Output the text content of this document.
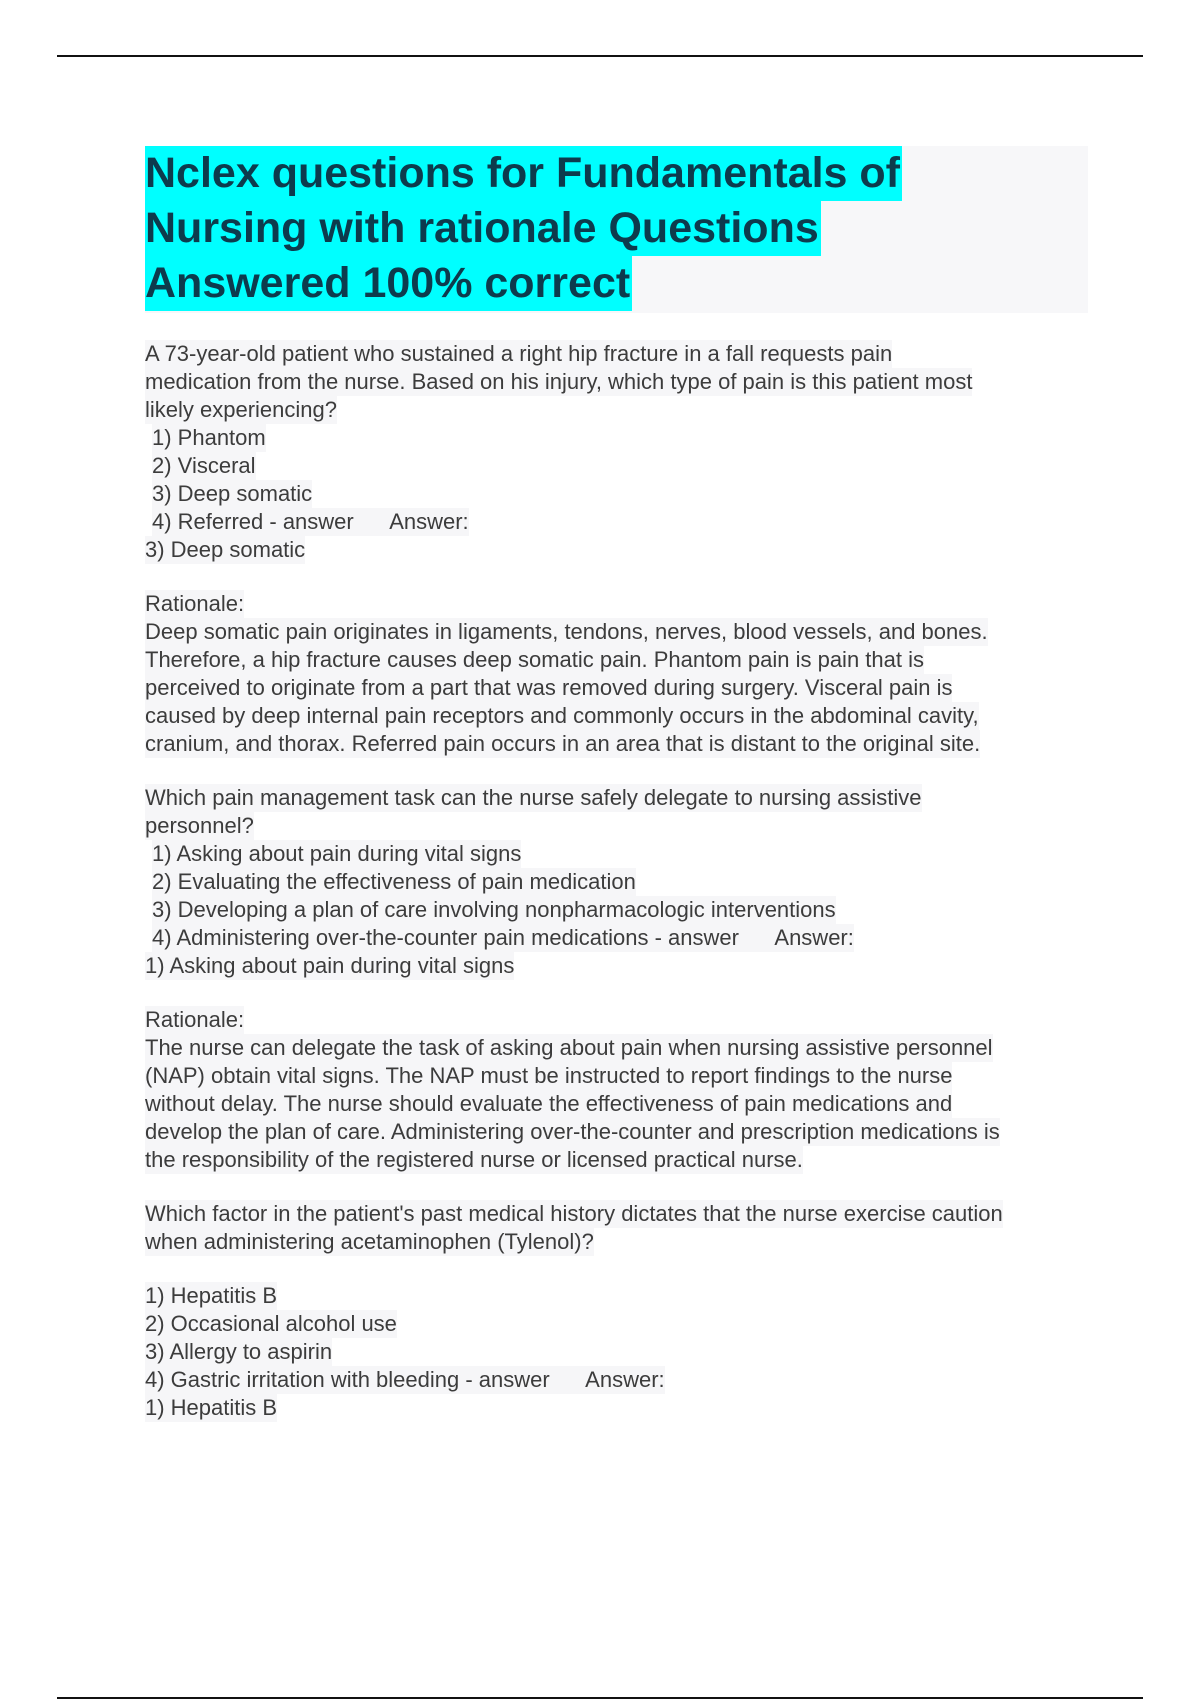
Nclex questions for Fundamentals of
Nursing with rationale Questions
Answered 100% correct
A 73-year-old patient who sustained a right hip fracture in a fall requests pain
medication from the nurse. Based on his injury, which type of pain is this patient most
likely experiencing?
1) Phantom
2) Visceral
3) Deep somatic
4) Referred - answer      Answer:
3) Deep somatic
Rationale:
Deep somatic pain originates in ligaments, tendons, nerves, blood vessels, and bones.
Therefore, a hip fracture causes deep somatic pain. Phantom pain is pain that is
perceived to originate from a part that was removed during surgery. Visceral pain is
caused by deep internal pain receptors and commonly occurs in the abdominal cavity,
cranium, and thorax. Referred pain occurs in an area that is distant to the original site.
Which pain management task can the nurse safely delegate to nursing assistive
personnel?
1) Asking about pain during vital signs
2) Evaluating the effectiveness of pain medication
3) Developing a plan of care involving nonpharmacologic interventions
4) Administering over-the-counter pain medications - answer      Answer:
1) Asking about pain during vital signs
Rationale:
The nurse can delegate the task of asking about pain when nursing assistive personnel
(NAP) obtain vital signs. The NAP must be instructed to report findings to the nurse
without delay. The nurse should evaluate the effectiveness of pain medications and
develop the plan of care. Administering over-the-counter and prescription medications is
the responsibility of the registered nurse or licensed practical nurse.
Which factor in the patient's past medical history dictates that the nurse exercise caution
when administering acetaminophen (Tylenol)?
1) Hepatitis B
2) Occasional alcohol use
3) Allergy to aspirin
4) Gastric irritation with bleeding - answer      Answer:
1) Hepatitis B
